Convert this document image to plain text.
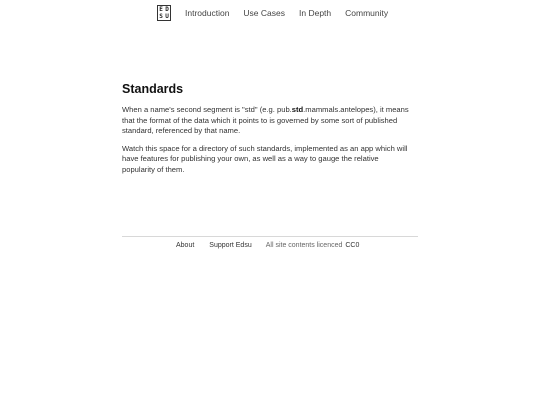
E D
S U Introduction Use Cases In Depth Community
Standards

When a name's second segment is "std" (e.g. pub.std.mammals.antelopes), it means that the format of the data which it points to is governed by some sort of published standard, referenced by that name.

Watch this space for a directory of such standards, implemented as an app which will have features for publishing your own, as well as a way to gauge the relative popularity of them.

About Support Edsu All site contents licenced CC0
